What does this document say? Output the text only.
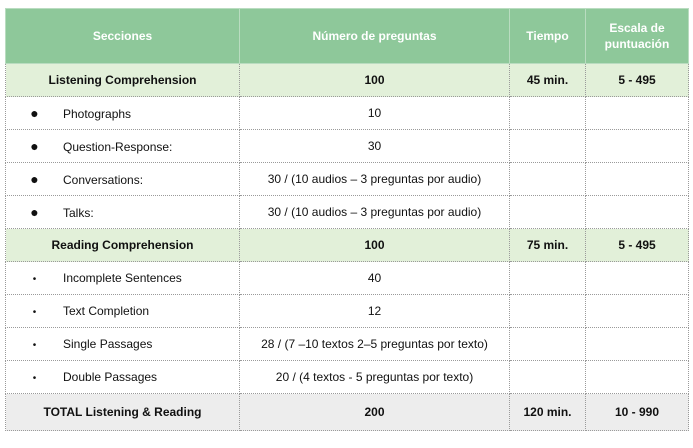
Secciones	Número de preguntas	Tiempo	Escala de puntuación
Listening Comprehension	100	45 min.	5 - 495
● Photographs	10		
● Question-Response:	30		
● Conversations:	30 / (10 audios – 3 preguntas por audio)		
● Talks:	30 / (10 audios – 3 preguntas por audio)		
Reading Comprehension	100	75 min.	5 - 495
• Incomplete Sentences	40		
• Text Completion	12		
• Single Passages	28 / (7 –10 textos 2–5 preguntas por texto)		
• Double Passages	20 / (4 textos - 5 preguntas por texto)		
TOTAL Listening & Reading	200	120 min.	10 - 990
